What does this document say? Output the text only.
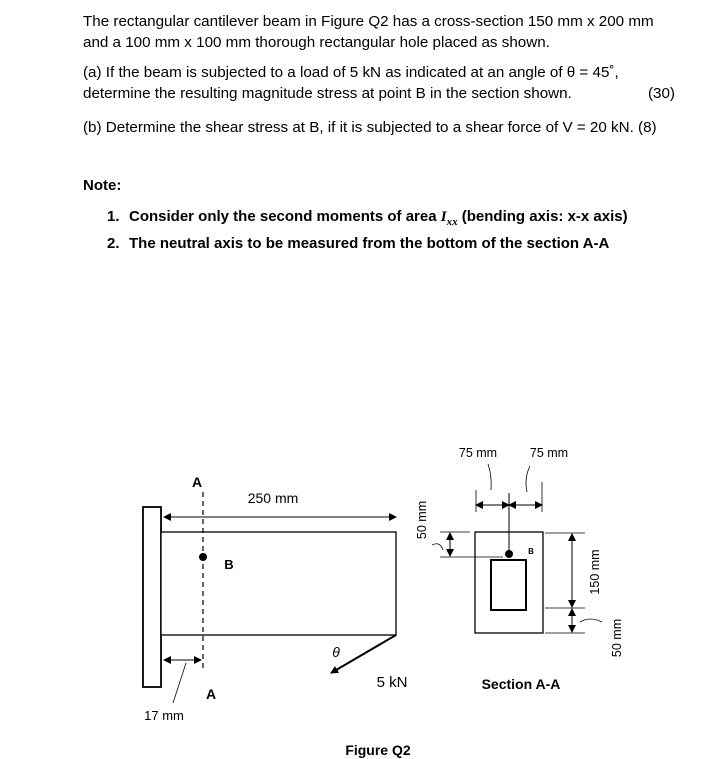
The rectangular cantilever beam in Figure Q2 has a cross-section 150 mm x 200 mm and a 100 mm x 100 mm thorough rectangular hole placed as shown.
(a) If the beam is subjected to a load of 5 kN as indicated at an angle of θ = 45˚, determine the resulting magnitude stress at point B in the section shown.	(30)
(b) Determine the shear stress at B, if it is subjected to a shear force of V = 20 kN. (8)
Note:
1. Consider only the second moments of area $I_{xx}$ (bending axis: x-x axis)
2. The neutral axis to be measured from the bottom of the section A-A
250 mm
A
A
B
17 mm
θ
5 kN
B
75 mm	75 mm
50 mm
150 mm
50 mm
Section A-A
Figure Q2
